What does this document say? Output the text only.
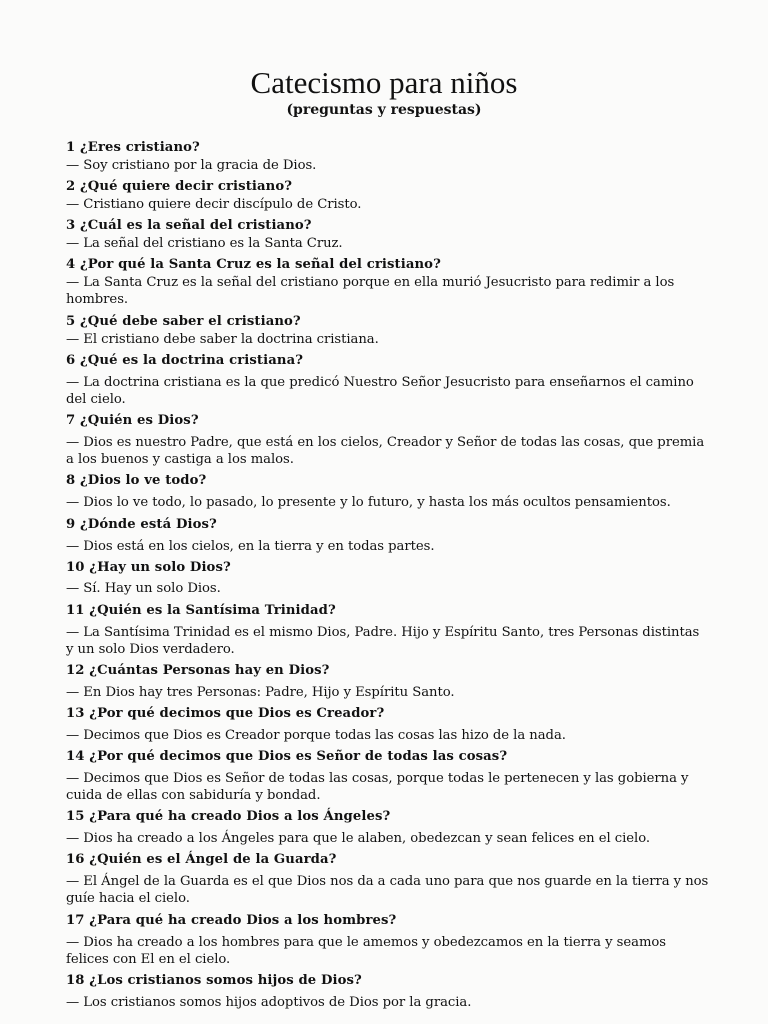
Catecismo para niños
(preguntas y respuestas)
1 ¿Eres cristiano?
— Soy cristiano por la gracia de Dios.
2 ¿Qué quiere decir cristiano?
— Cristiano quiere decir discípulo de Cristo.
3 ¿Cuál es la señal del cristiano?
— La señal del cristiano es la Santa Cruz.
4 ¿Por qué la Santa Cruz es la señal del cristiano?
— La Santa Cruz es la señal del cristiano porque en ella murió Jesucristo para redimir a los hombres.
5 ¿Qué debe saber el cristiano?
— El cristiano debe saber la doctrina cristiana.
6 ¿Qué es la doctrina cristiana?
— La doctrina cristiana es la que predicó Nuestro Señor Jesucristo para enseñarnos el camino del cielo.
7 ¿Quién es Dios?
— Dios es nuestro Padre, que está en los cielos, Creador y Señor de todas las cosas, que premia a los buenos y castiga a los malos.
8 ¿Dios lo ve todo?
— Dios lo ve todo, lo pasado, lo presente y lo futuro, y hasta los más ocultos pensamientos.
9 ¿Dónde está Dios?
— Dios está en los cielos, en la tierra y en todas partes.
10 ¿Hay un solo Dios?
— Sí. Hay un solo Dios.
11 ¿Quién es la Santísima Trinidad?
— La Santísima Trinidad es el mismo Dios, Padre. Hijo y Espíritu Santo, tres Personas distintas y un solo Dios verdadero.
12 ¿Cuántas Personas hay en Dios?
— En Dios hay tres Personas: Padre, Hijo y Espíritu Santo.
13 ¿Por qué decimos que Dios es Creador?
— Decimos que Dios es Creador porque todas las cosas las hizo de la nada.
14 ¿Por qué decimos que Dios es Señor de todas las cosas?
— Decimos que Dios es Señor de todas las cosas, porque todas le pertenecen y las gobierna y cuida de ellas con sabiduría y bondad.
15 ¿Para qué ha creado Dios a los Ángeles?
— Dios ha creado a los Ángeles para que le alaben, obedezcan y sean felices en el cielo.
16 ¿Quién es el Ángel de la Guarda?
— El Ángel de la Guarda es el que Dios nos da a cada uno para que nos guarde en la tierra y nos guíe hacia el cielo.
17 ¿Para qué ha creado Dios a los hombres?
— Dios ha creado a los hombres para que le amemos y obedezcamos en la tierra y seamos felices con El en el cielo.
18 ¿Los cristianos somos hijos de Dios?
— Los cristianos somos hijos adoptivos de Dios por la gracia.
